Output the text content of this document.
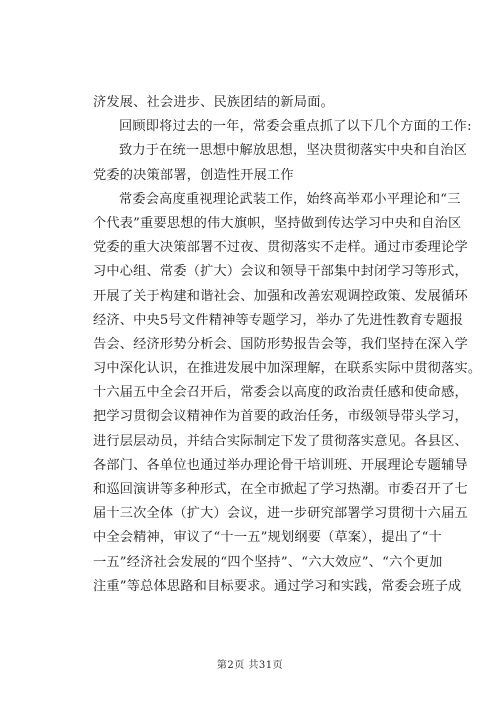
济发展、社会进步、民族团结的新局面。
回顾即将过去的一年，常委会重点抓了以下几个方面的工作:
致力于在统一思想中解放思想，坚决贯彻落实中央和自治区
党委的决策部署，创造性开展工作
常委会高度重视理论武装工作，始终高举邓小平理论和“三
个代表”重要思想的伟大旗帜，坚持做到传达学习中央和自治区
党委的重大决策部署不过夜、贯彻落实不走样。通过市委理论学
习中心组、常委（扩大）会议和领导干部集中封闭学习等形式，
开展了关于构建和谐社会、加强和改善宏观调控政策、发展循环
经济、中央5号文件精神等专题学习，举办了先进性教育专题报
告会、经济形势分析会、国防形势报告会等，我们坚持在深入学
习中深化认识，在推进发展中加深理解，在联系实际中贯彻落实。
十六届五中全会召开后，常委会以高度的政治责任感和使命感，
把学习贯彻会议精神作为首要的政治任务，市级领导带头学习，
进行层层动员，并结合实际制定下发了贯彻落实意见。各县区、
各部门、各单位也通过举办理论骨干培训班、开展理论专题辅导
和巡回演讲等多种形式，在全市掀起了学习热潮。市委召开了七
届十三次全体（扩大）会议，进一步研究部署学习贯彻十六届五
中全会精神，审议了“十一五”规划纲要（草案），提出了“十
一五”经济社会发展的“四个坚持”、“六大效应”、“六个更加
注重”等总体思路和目标要求。通过学习和实践，常委会班子成
第2页 共31页
